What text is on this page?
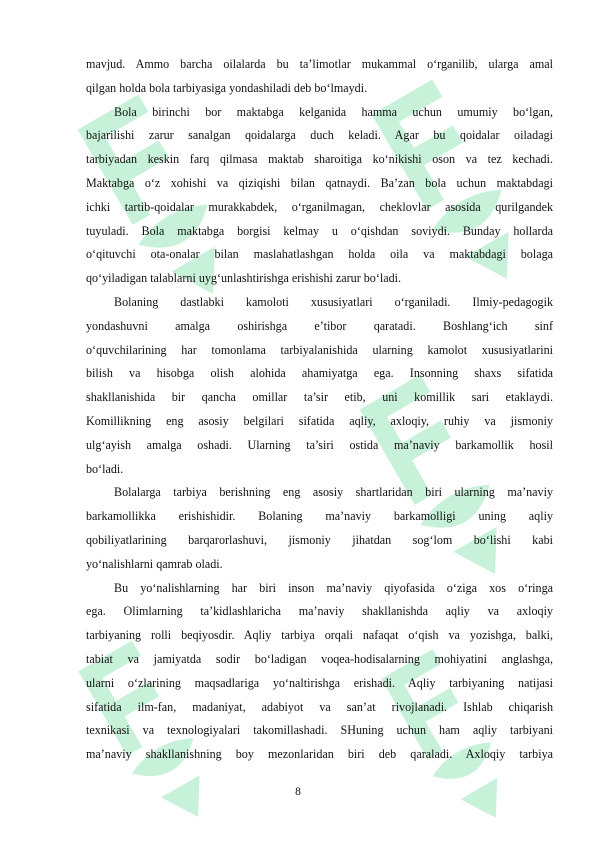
mavjud. Ammo barcha oilalarda bu ta’limotlar mukammal o‘rganilib, ularga amal
qilgan holda bola tarbiyasiga yondashiladi deb bo‘lmaydi.
Bola birinchi bor maktabga kelganida hamma uchun umumiy bo‘lgan,
bajarilishi zarur sanalgan qoidalarga duch keladi. Agar bu qoidalar oiladagi
tarbiyadan keskin farq qilmasa maktab sharoitiga ko‘nikishi oson va tez kechadi.
Maktabga o‘z xohishi va qiziqishi bilan qatnaydi. Ba’zan bola uchun maktabdagi
ichki tartib-qoidalar murakkabdek, o‘rganilmagan, cheklovlar asosida qurilgandek
tuyuladi. Bola maktabga borgisi kelmay u o‘qishdan soviydi. Bunday hollarda
o‘qituvchi ota-onalar bilan maslahatlashgan holda oila va maktabdagi bolaga
qo‘yiladigan talablarni uyg‘unlashtirishga erishishi zarur bo‘ladi.
Bolaning dastlabki kamoloti xususiyatlari o‘rganiladi. Ilmiy-pedagogik
yondashuvni amalga oshirishga e’tibor qaratadi. Boshlang‘ich sinf
o‘quvchilarining har tomonlama tarbiyalanishida ularning kamolot xususiyatlarini
bilish va hisobga olish alohida ahamiyatga ega. Insonning shaxs sifatida
shakllanishida bir qancha omillar ta’sir etib, uni komillik sari etaklaydi.
Komillikning eng asosiy belgilari sifatida aqliy, axloqiy, ruhiy va jismoniy
ulg‘ayish amalga oshadi. Ularning ta’siri ostida ma’naviy barkamollik hosil
bo‘ladi.
Bolalarga tarbiya berishning eng asosiy shartlaridan biri ularning ma’naviy
barkamollikka erishishidir. Bolaning ma’naviy barkamolligi uning aqliy
qobiliyatlarining barqarorlashuvi, jismoniy jihatdan sog‘lom bo‘lishi kabi
yo‘nalishlarni qamrab oladi.
Bu yo‘nalishlarning har biri inson ma’naviy qiyofasida o‘ziga xos o‘ringa
ega. Olimlarning ta’kidlashlaricha ma’naviy shakllanishda aqliy va axloqiy
tarbiyaning rolli beqiyosdir. Aqliy tarbiya orqali nafaqat o‘qish va yozishga, balki,
tabiat va jamiyatda sodir bo‘ladigan voqea-hodisalarning mohiyatini anglashga,
ularni o‘zlarining maqsadlariga yo‘naltirishga erishadi. Aqliy tarbiyaning natijasi
sifatida ilm-fan, madaniyat, adabiyot va san’at rivojlanadi. Ishlab chiqarish
texnikasi va texnologiyalari takomillashadi. SHuning uchun ham aqliy tarbiyani
ma’naviy shakllanishning boy mezonlaridan biri deb qaraladi. Axloqiy tarbiya
8
